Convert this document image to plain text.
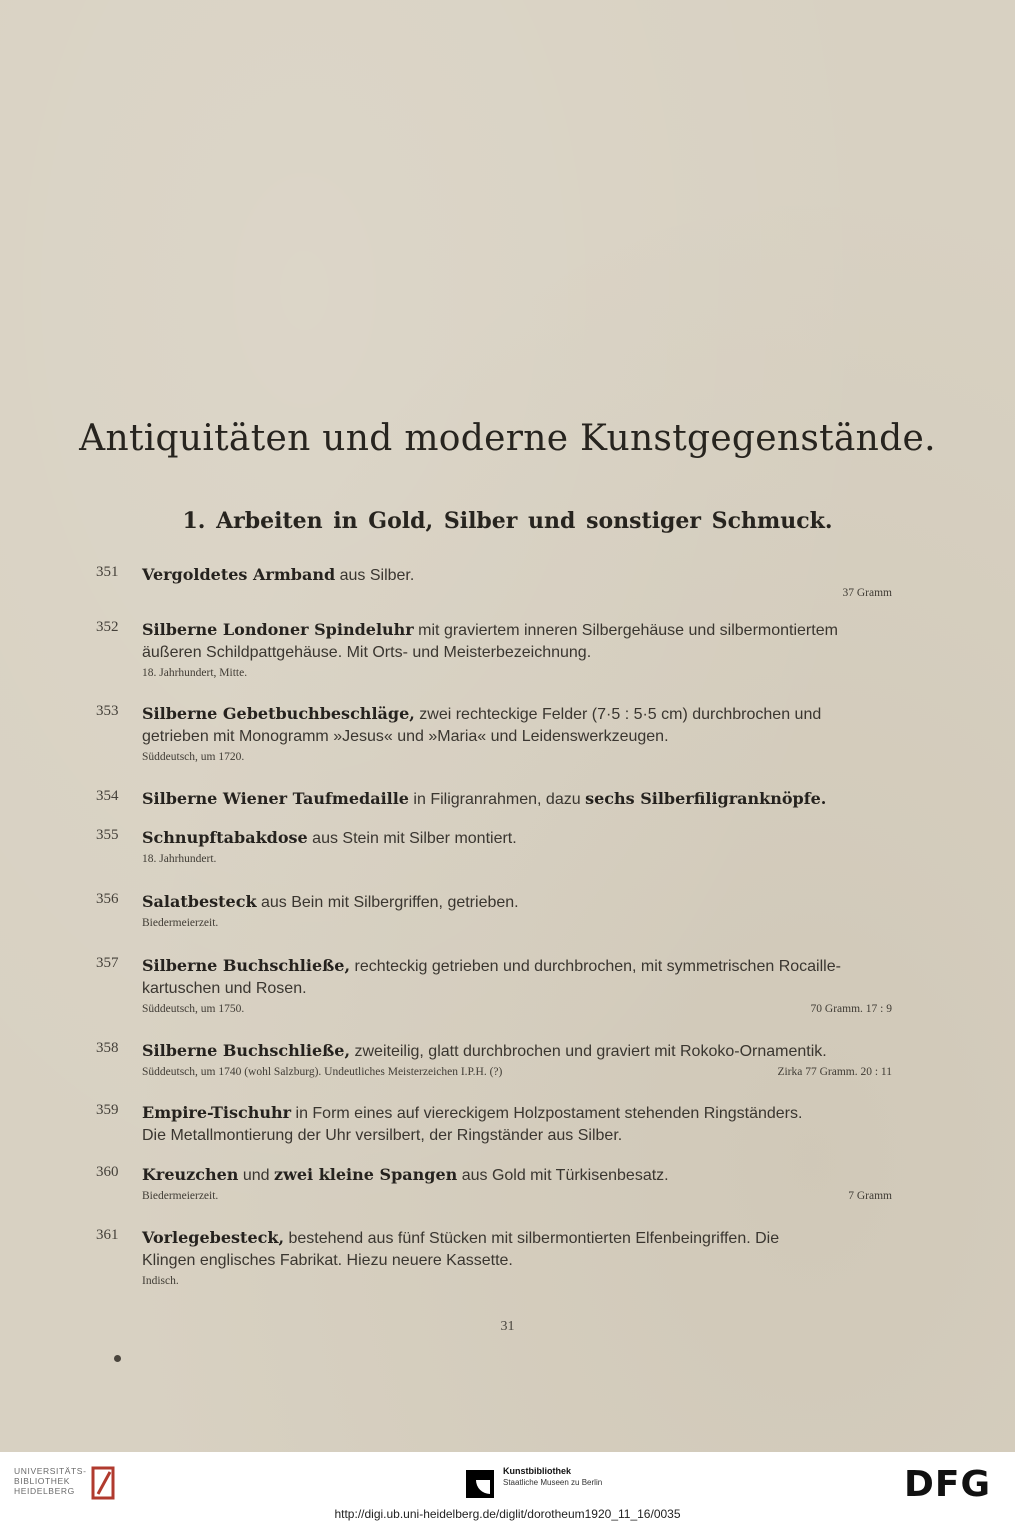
Antiquitäten und moderne Kunstgegenstände.
1. Arbeiten in Gold, Silber und sonstiger Schmuck.
351	Vergoldetes Armband aus Silber.
37 Gramm
352	Silberne Londoner Spindeluhr mit graviertem inneren Silbergehäuse und silbermontiertem
äußeren Schildpattgehäuse. Mit Orts- und Meisterbezeichnung.
18. Jahrhundert, Mitte.
353	Silberne Gebetbuchbeschläge, zwei rechteckige Felder (7·5 : 5·5 cm) durchbrochen und
getrieben mit Monogramm »Jesus« und »Maria« und Leidenswerkzeugen.
Süddeutsch, um 1720.
354	Silberne Wiener Taufmedaille in Filigranrahmen, dazu sechs Silberfiligranknöpfe.
355	Schnupftabakdose aus Stein mit Silber montiert.
18. Jahrhundert.
356	Salatbesteck aus Bein mit Silbergriffen, getrieben.
Biedermeierzeit.
357	Silberne Buchschließe, rechteckig getrieben und durchbrochen, mit symmetrischen Rocaille-
kartuschen und Rosen.
Süddeutsch, um 1750.	70 Gramm. 17 : 9
358	Silberne Buchschließe, zweiteilig, glatt durchbrochen und graviert mit Rokoko-Ornamentik.
Süddeutsch, um 1740 (wohl Salzburg). Undeutliches Meisterzeichen I.P.H. (?)	Zirka 77 Gramm. 20 : 11
359	Empire-Tischuhr in Form eines auf viereckigem Holzpostament stehenden Ringständers.
Die Metallmontierung der Uhr versilbert, der Ringständer aus Silber.
360	Kreuzchen und zwei kleine Spangen aus Gold mit Türkisenbesatz.
Biedermeierzeit.	7 Gramm
361	Vorlegebesteck, bestehend aus fünf Stücken mit silbermontierten Elfenbeingriffen. Die
Klingen englisches Fabrikat. Hiezu neuere Kassette.
Indisch.
31
UNIVERSITÄTS-
BIBLIOTHEK
HEIDELBERG
Kunstbibliothek
Staatliche Museen zu Berlin	DFG
http://digi.ub.uni-heidelberg.de/diglit/dorotheum1920_11_16/0035
